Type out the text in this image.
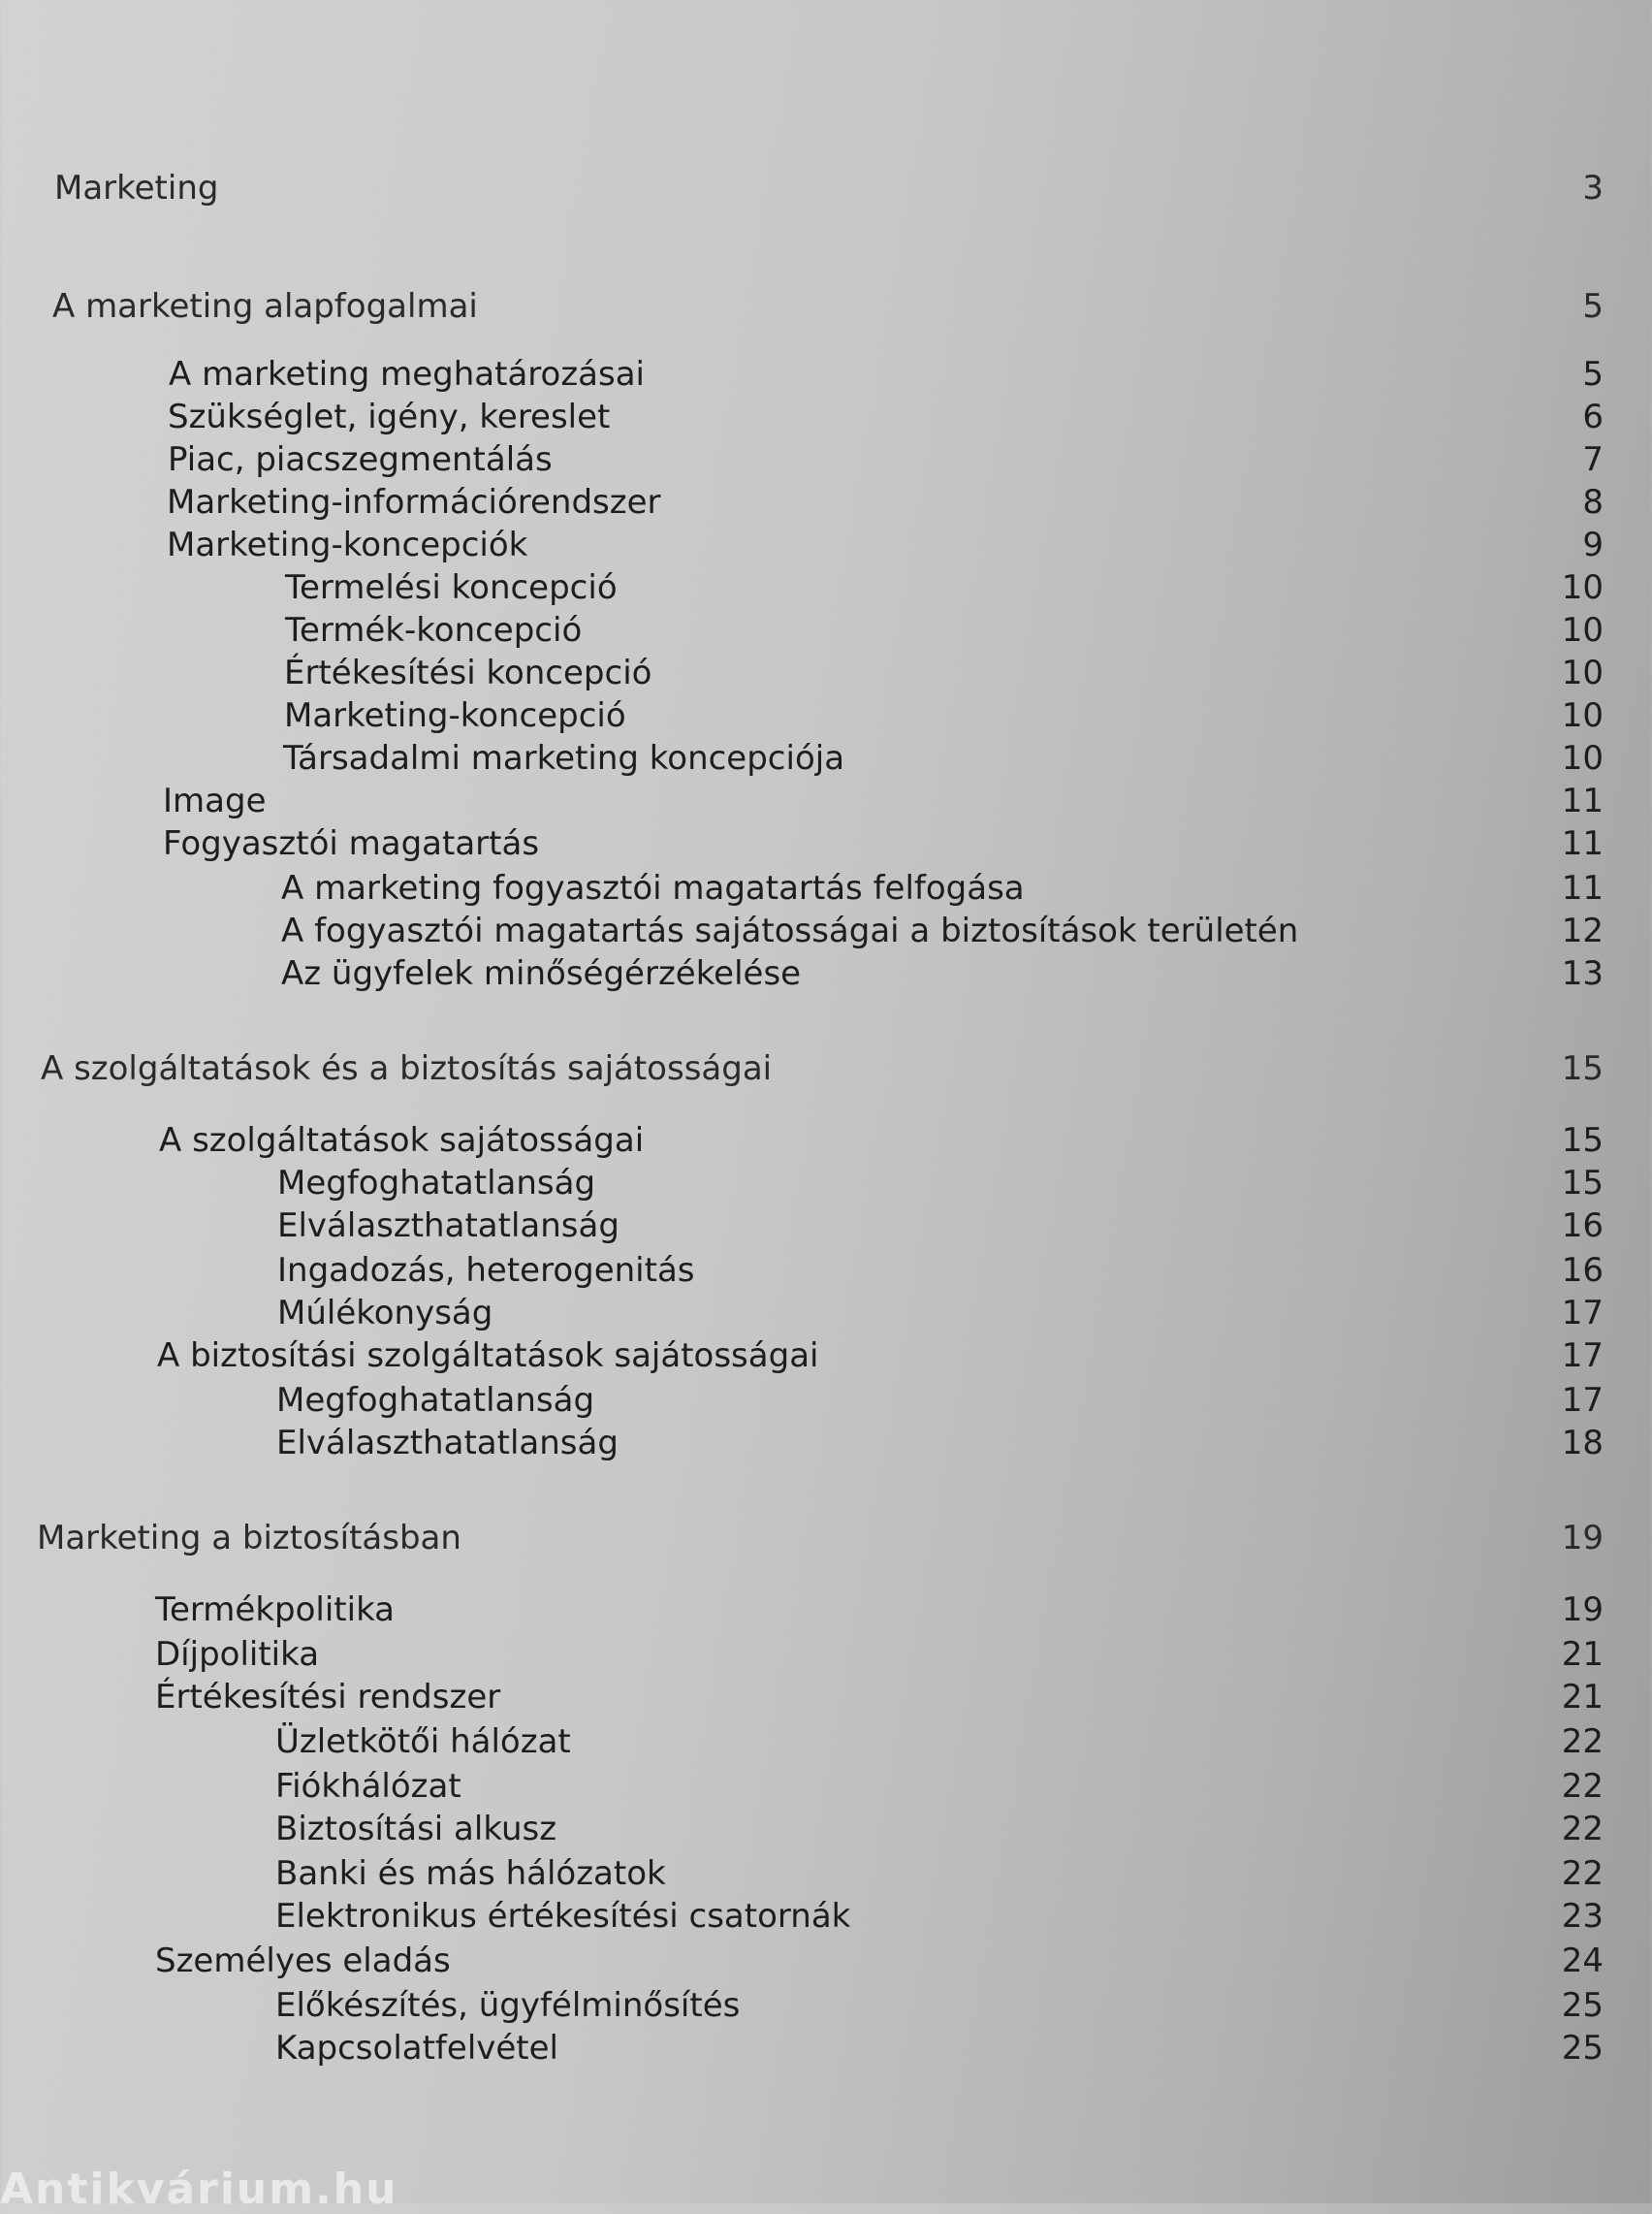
Marketing	3
A marketing alapfogalmai	5
A marketing meghatározásai	5
Szükséglet, igény, kereslet	6
Piac, piacszegmentálás	7
Marketing-információrendszer	8
Marketing-koncepciók	9
Termelési koncepció	10
Termék-koncepció	10
Értékesítési koncepció	10
Marketing-koncepció	10
Társadalmi marketing koncepciója	10
Image	11
Fogyasztói magatartás	11
A marketing fogyasztói magatartás felfogása	11
A fogyasztói magatartás sajátosságai a biztosítások területén	12
Az ügyfelek minőségérzékelése	13
A szolgáltatások és a biztosítás sajátosságai	15
A szolgáltatások sajátosságai	15
Megfoghatatlanság	15
Elválaszthatatlanság	16
Ingadozás, heterogenitás	16
Múlékonyság	17
A biztosítási szolgáltatások sajátosságai	17
Megfoghatatlanság	17
Elválaszthatatlanság	18
Marketing a biztosításban	19
Termékpolitika	19
Díjpolitika	21
Értékesítési rendszer	21
Üzletkötői hálózat	22
Fiókhálózat	22
Biztosítási alkusz	22
Banki és más hálózatok	22
Elektronikus értékesítési csatornák	23
Személyes eladás	24
Előkészítés, ügyfélminősítés	25
Kapcsolatfelvétel	25
Antikvárium.hu
